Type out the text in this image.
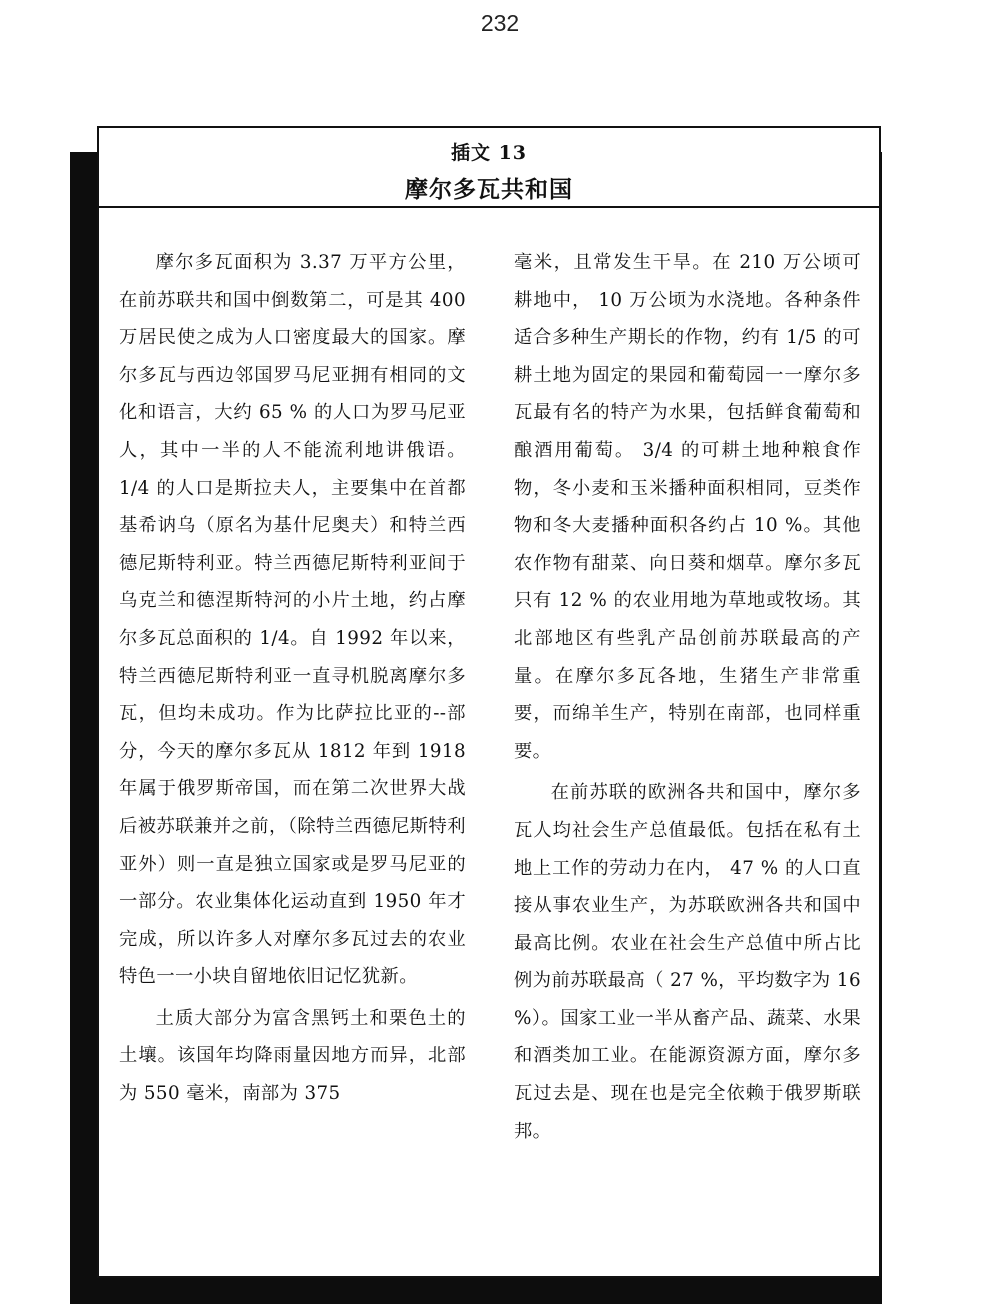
232
插文 13
摩尔多瓦共和国

摩尔多瓦面积为 3.37 万平方公里，在前苏联共和国中倒数第二，可是其 400 万居民使之成为人口密度最大的国家。摩尔多瓦与西边邻国罗马尼亚拥有相同的文化和语言，大约 65 % 的人口为罗马尼亚人，其中一半的人不能流利地讲俄语。 1/4 的人口是斯拉夫人，主要集中在首都基希讷乌（原名为基什尼奥夫）和特兰西德尼斯特利亚。特兰西德尼斯特利亚间于乌克兰和德涅斯特河的小片土地，约占摩尔多瓦总面积的 1/4。自 1992 年以来，特兰西德尼斯特利亚一直寻机脱离摩尔多瓦，但均未成功。作为比萨拉比亚的--部分，今天的摩尔多瓦从 1812 年到 1918 年属于俄罗斯帝国，而在第二次世界大战后被苏联兼并之前，（除特兰西德尼斯特利亚外）则一直是独立国家或是罗马尼亚的一部分。农业集体化运动直到 1950 年才完成，所以许多人对摩尔多瓦过去的农业特色一一小块自留地依旧记忆犹新。

土质大部分为富含黑钙土和栗色土的土壤。该国年均降雨量因地方而异，北部为 550 毫米，南部为 375

毫米，且常发生干旱。在 210 万公顷可耕地中， 10 万公顷为水浇地。各种条件适合多种生产期长的作物，约有 1/5 的可耕土地为固定的果园和葡萄园一一摩尔多瓦最有名的特产为水果，包括鲜食葡萄和酿酒用葡萄。 3/4 的可耕土地种粮食作物，冬小麦和玉米播种面积相同，豆类作物和冬大麦播种面积各约占 10 %。其他农作物有甜菜、向日葵和烟草。摩尔多瓦只有 12 % 的农业用地为草地或牧场。其北部地区有些乳产品创前苏联最高的产量。在摩尔多瓦各地，生猪生产非常重要，而绵羊生产，特别在南部，也同样重要。

在前苏联的欧洲各共和国中，摩尔多瓦人均社会生产总值最低。包括在私有土地上工作的劳动力在内， 47 % 的人口直接从事农业生产，为苏联欧洲各共和国中最高比例。农业在社会生产总值中所占比例为前苏联最高（ 27 %，平均数字为 16 %）。国家工业一半从畜产品、蔬菜、水果和酒类加工业。在能源资源方面，摩尔多瓦过去是、现在也是完全依赖于俄罗斯联邦。
